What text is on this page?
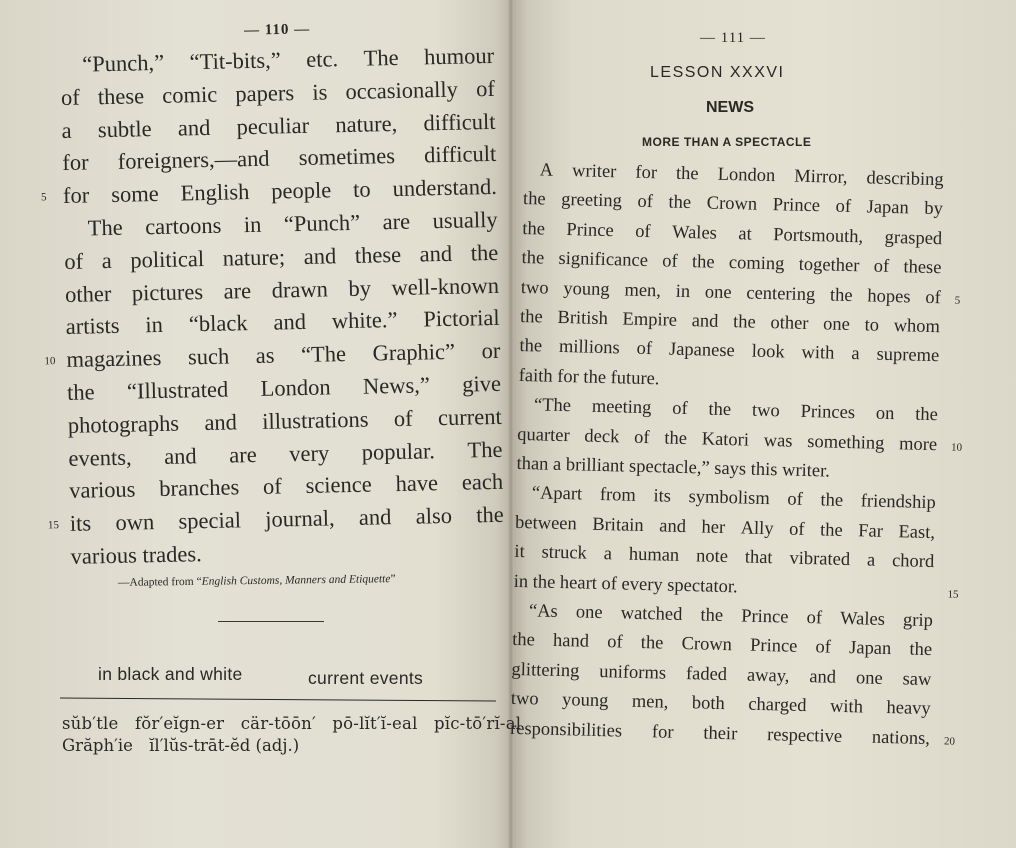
— 110 —
“Punch,” “Tit-bits,” etc. The humour
of these comic papers is occasionally of
a subtle and peculiar nature, difficult
for foreigners,—and sometimes difficult
for some English people to understand.
The cartoons in “Punch” are usually
of a political nature; and these and the
other pictures are drawn by well-known
artists in “black and white.” Pictorial
magazines such as “The Graphic” or
the “Illustrated London News,” give
photographs and illustrations of current
events, and are very popular. The
various branches of science have each
its own special journal, and also the
various trades.
5
10
15
—Adapted from “English Customs, Manners and Etiquette”
in black and white	current events
sŭb′tle fŏr′eĭgn-er cär-tōōn′ pō-lĭt′ĭ-eal pĭc-tō′rĭ-al
Grăph′ie ĭl′lŭs-trāt-ĕd (adj.)
— 111 —
LESSON XXXVI
NEWS
MORE THAN A SPECTACLE
A writer for the London Mirror, describing
the greeting of the Crown Prince of Japan by
the Prince of Wales at Portsmouth, grasped
the significance of the coming together of these
two young men, in one centering the hopes of
the British Empire and the other one to whom
the millions of Japanese look with a supreme
faith for the future.
“The meeting of the two Princes on the
quarter deck of the Katori was something more
than a brilliant spectacle,” says this writer.
“Apart from its symbolism of the friendship
between Britain and her Ally of the Far East,
it struck a human note that vibrated a chord
in the heart of every spectator.
“As one watched the Prince of Wales grip
the hand of the Crown Prince of Japan the
glittering uniforms faded away, and one saw
two young men, both charged with heavy
responsibilities for their respective nations,
5
10
15
20
